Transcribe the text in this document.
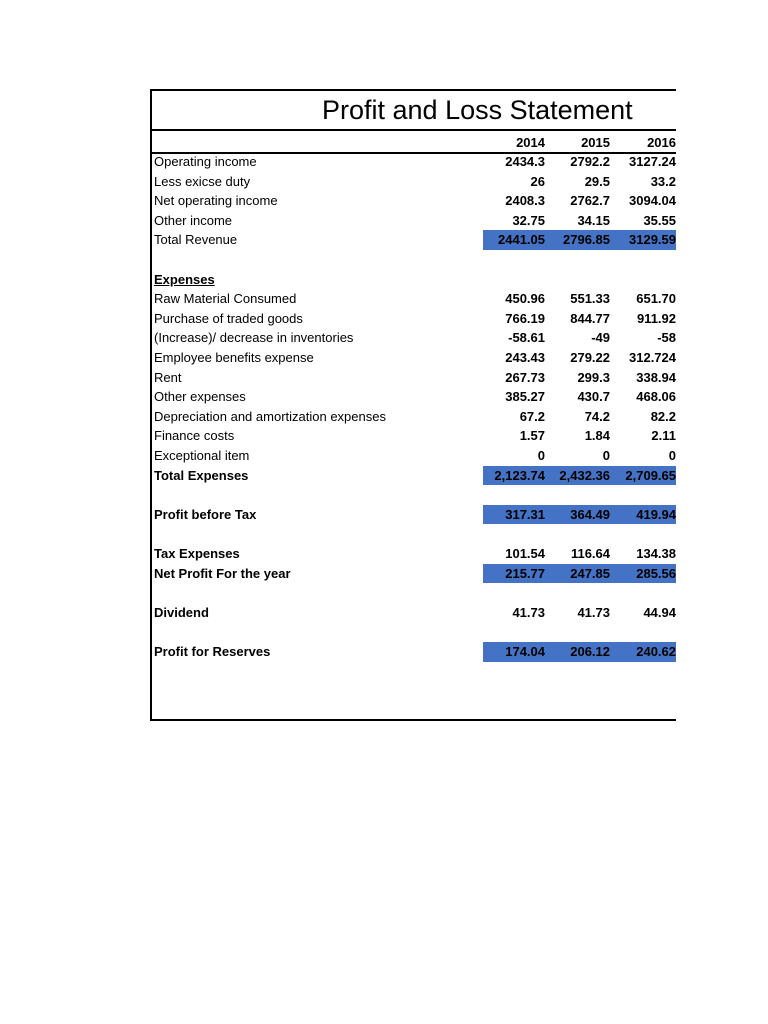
Profit and Loss Statement
2014	2015	2016
Operating income	2434.3	2792.2	3127.24
Less exicse duty	26	29.5	33.2
Net operating income	2408.3	2762.7	3094.04
Other income	32.75	34.15	35.55
Total Revenue	2441.05	2796.85	3129.59
Expenses
Raw Material Consumed	450.96	551.33	651.70
Purchase of traded goods	766.19	844.77	911.92
(Increase)/ decrease in inventories	-58.61	-49	-58
Employee benefits expense	243.43	279.22	312.724
Rent	267.73	299.3	338.94
Other expenses	385.27	430.7	468.06
Depreciation and amortization expenses	67.2	74.2	82.2
Finance costs	1.57	1.84	2.11
Exceptional item	0	0	0
Total Expenses	2,123.74	2,432.36	2,709.65
Profit before Tax	317.31	364.49	419.94
Tax Expenses	101.54	116.64	134.38
Net Profit For the year	215.77	247.85	285.56
Dividend	41.73	41.73	44.94
Profit for Reserves	174.04	206.12	240.62
